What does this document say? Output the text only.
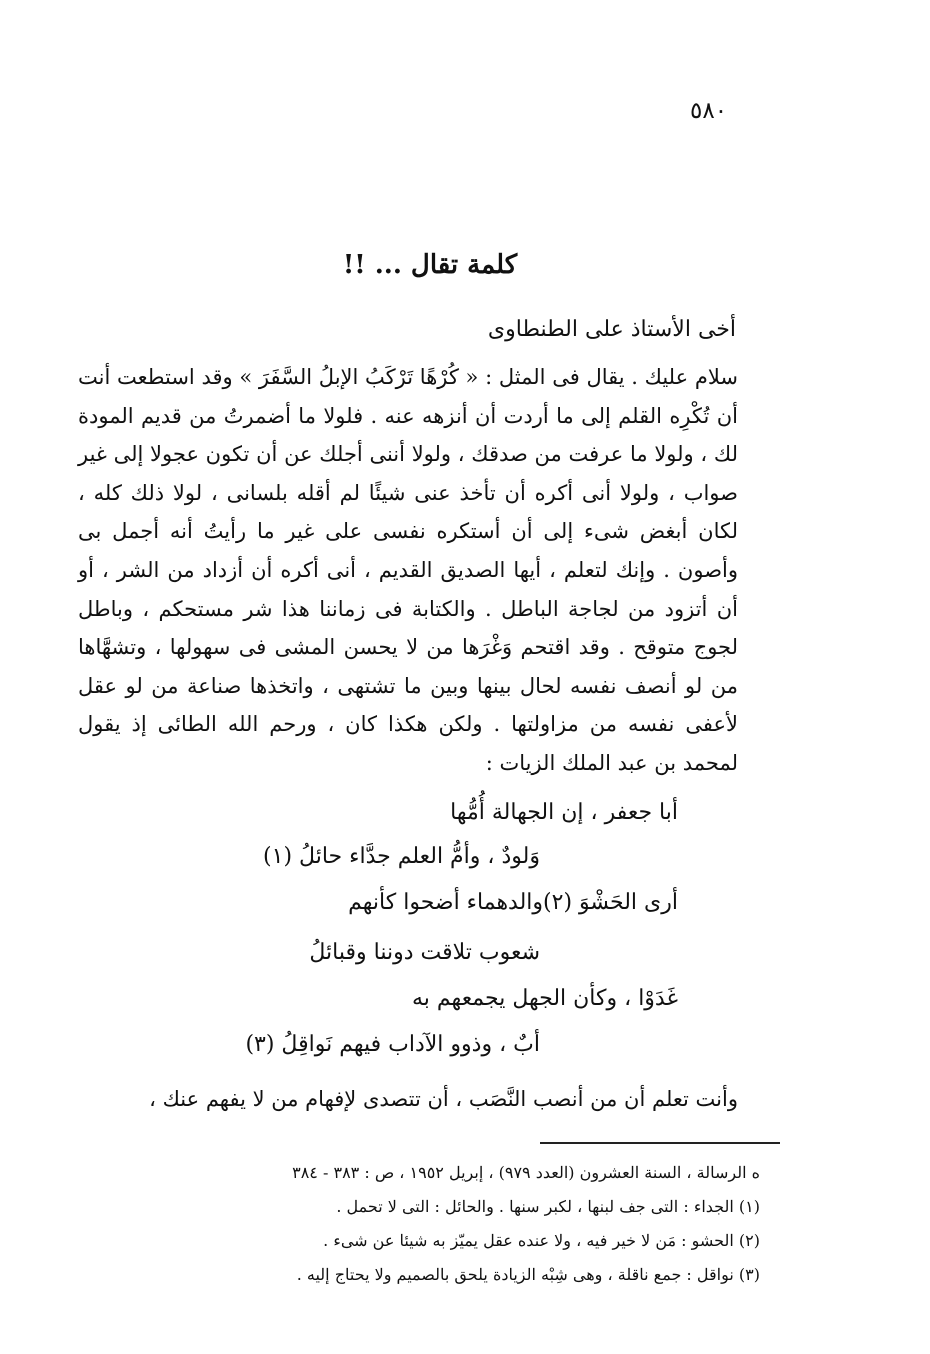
٥٨٠
كلمة تقال ... !!
أخى الأستاذ على الطنطاوى
سلام عليك . يقال فى المثل : « كُرْهًا تَرْكَبُ الإبلُ السَّفَرَ » وقد استطعت أنت أن تُكْرِه القلم إلى ما أردت أن أنزهه عنه . فلولا ما أضمرتُ من قديم المودة لك ، ولولا ما عرفت من صدقك ، ولولا أننى أجلك عن أن تكون عجولا إلى غير صواب ، ولولا أنى أكره أن تأخذ عنى شيئًا لم أقله بلسانى ، لولا ذلك كله ، لكان أبغض شىء إلى أن أستكره نفسى على غير ما رأيتُ أنه أجمل بى وأصون . وإنك لتعلم ، أيها الصديق القديم ، أنى أكره أن أزداد من الشر ، أو أن أتزود من لجاجة الباطل . والكتابة فى زماننا هذا شر مستحكم ، وباطل لجوج متوقح . وقد اقتحم وَغْرَها من لا يحسن المشى فى سهولها ، وتشهَّاها من لو أنصف نفسه لحال بينها وبين ما تشتهى ، واتخذها صناعة من لو عقل لأعفى نفسه من مزاولتها . ولكن هكذا كان ، ورحم الله الطائى إذ يقول لمحمد بن عبد الملك الزيات :
أبا جعفر ، إن الجهالة أُمُّها
وَلودٌ ، وأمُّ العلم جدَّاء حائلُ (١)
أرى الحَشْوَ (٢)والدهماء أضحوا كأنهم
شعوب تلاقت دوننا وقبائلُ
غَدَوْا ، وكأن الجهل يجمعهم به
أبٌ ، وذوو الآداب فيهم نَواقِلُ (٣)
وأنت تعلم أن من أنصب النَّصَب ، أن تتصدى لإفهام من لا يفهم عنك ،
ه الرسالة ، السنة العشرون (العدد ٩٧٩) ، إبريل ١٩٥٢ ، ص : ٣٨٣ - ٣٨٤
(١) الجداء : التى جف لبنها ، لكبر سنها . والحائل : التى لا تحمل .
(٢) الحشو : مَن لا خير فيه ، ولا عنده عقل يميّز به شيئا عن شىء .
(٣) نواقل : جمع ناقلة ، وهى شِبْه الزيادة يلحق بالصميم ولا يحتاج إليه .
